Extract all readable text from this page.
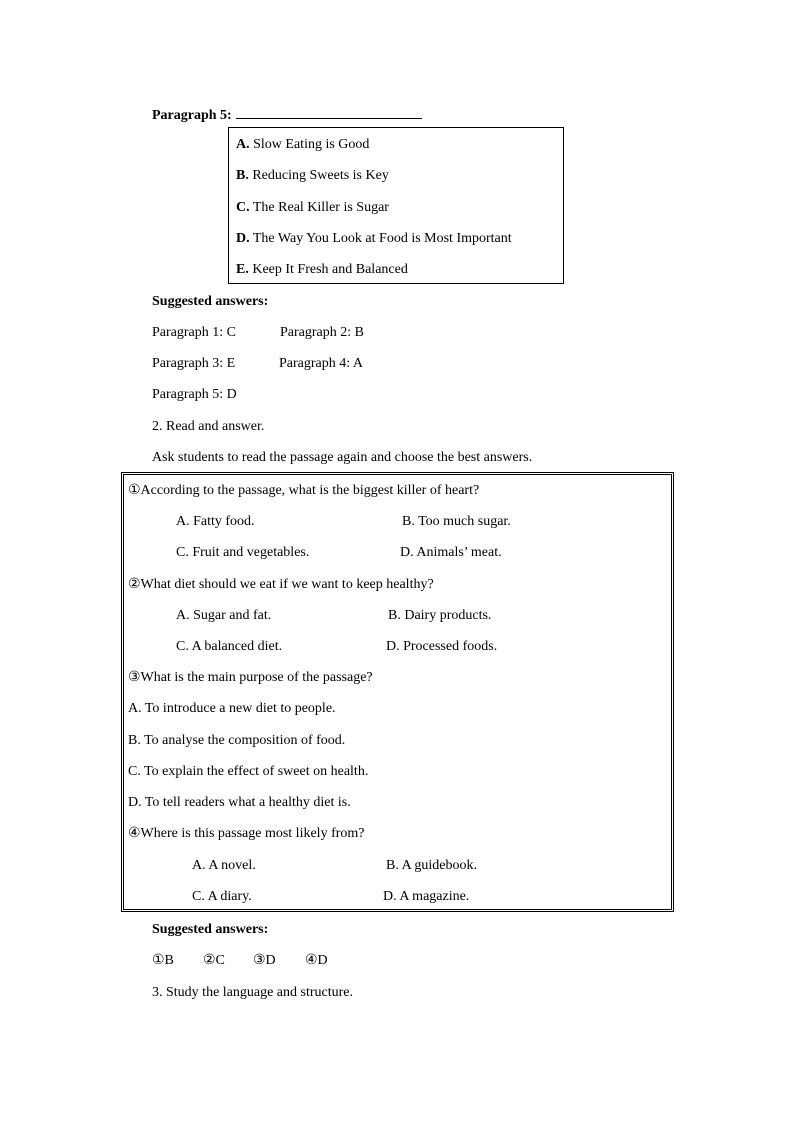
Paragraph 5:
A. Slow Eating is Good
B. Reducing Sweets is Key
C. The Real Killer is Sugar
D. The Way You Look at Food is Most Important
E. Keep It Fresh and Balanced
Suggested answers:
Paragraph 1: C	Paragraph 2: B
Paragraph 3: E	Paragraph 4: A
Paragraph 5: D
2. Read and answer.
Ask students to read the passage again and choose the best answers.
①According to the passage, what is the biggest killer of heart?
A. Fatty food.	B. Too much sugar.
C. Fruit and vegetables.	D. Animals’ meat.
②What diet should we eat if we want to keep healthy?
A. Sugar and fat.	B. Dairy products.
C. A balanced diet.	D. Processed foods.
③What is the main purpose of the passage?
A. To introduce a new diet to people.
B. To analyse the composition of food.
C. To explain the effect of sweet on health.
D. To tell readers what a healthy diet is.
④Where is this passage most likely from?
A. A novel.	B. A guidebook.
C. A diary.	D. A magazine.
Suggested answers:
①B ②C ③D ④D
3. Study the language and structure.
